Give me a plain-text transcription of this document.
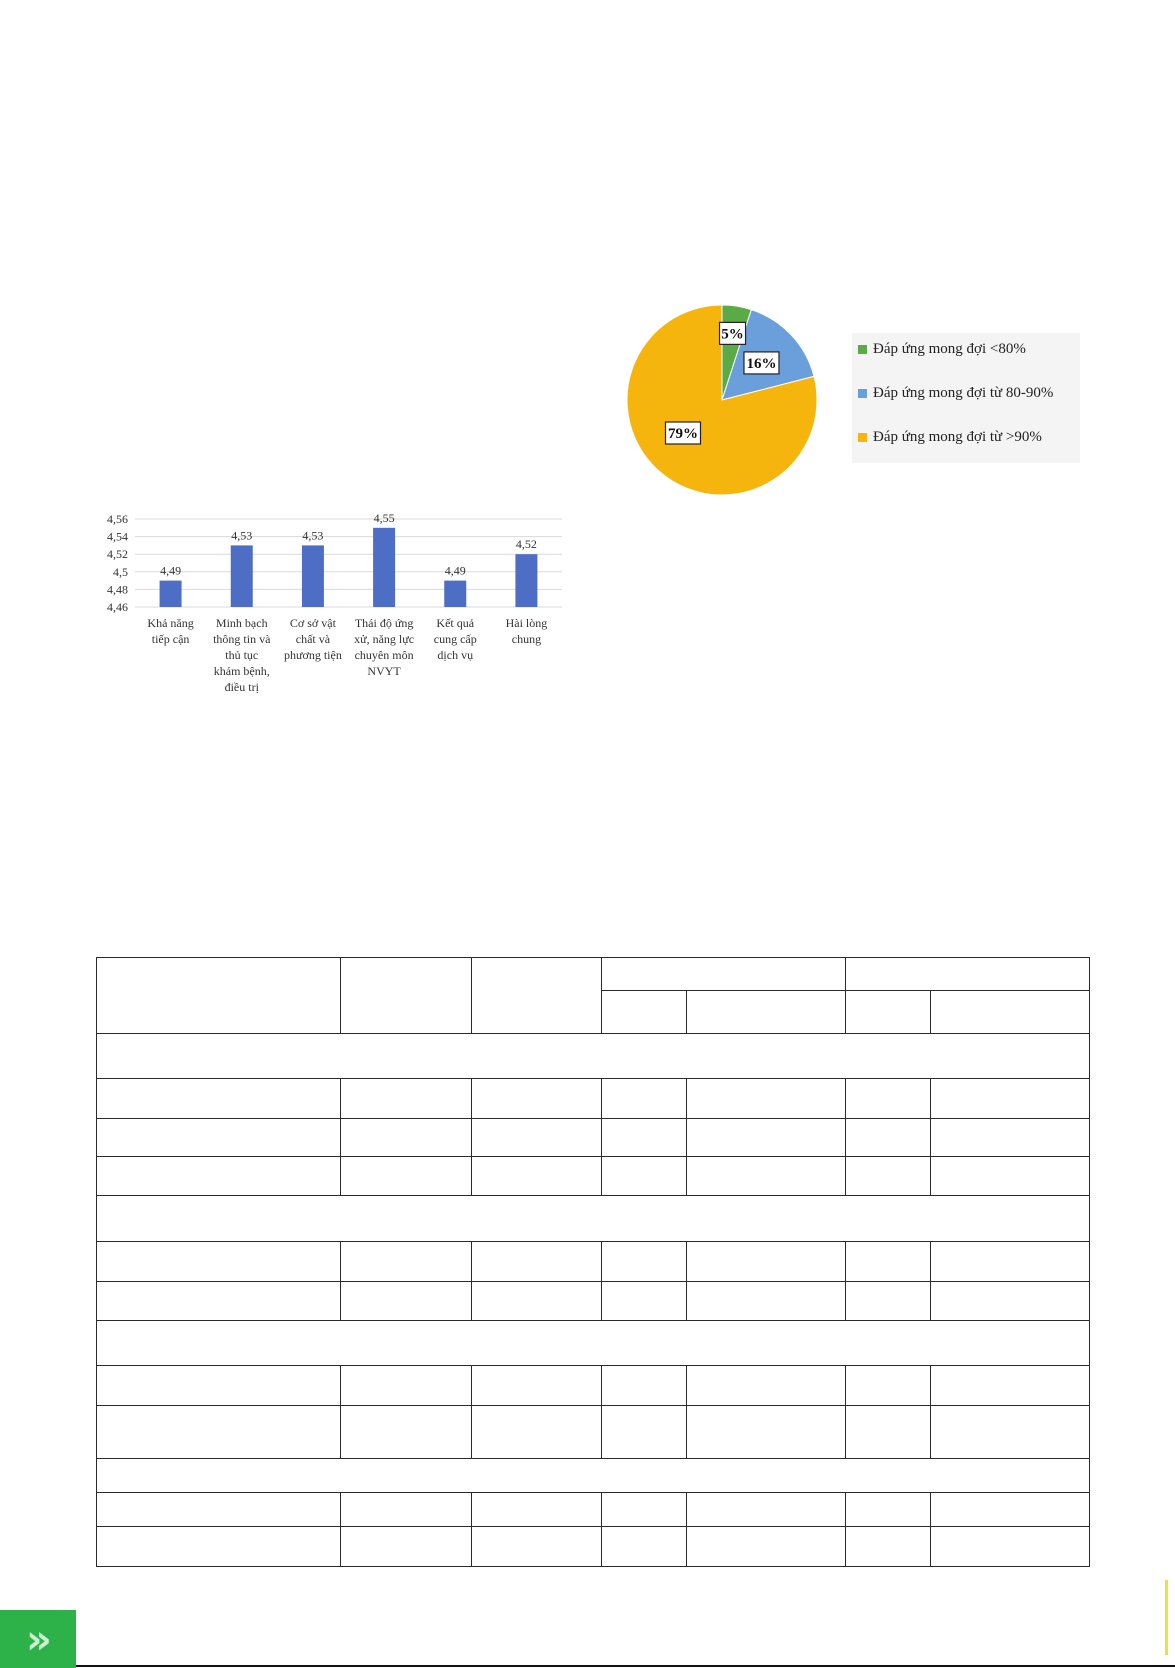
4,46
4,48
4,5
4,52
4,54
4,56
4,49
4,53	4,53
4,55
4,49
4,52
Khả năng tiếp cận
Minh bạch thông tin và thủ tục khám bệnh, điều trị
Cơ sở vật chất và phương tiện
Thái độ ứng xử, năng lực chuyên môn NVYT
Kết quả cung cấp dịch vụ
Hài lòng chung
5%
16%
79%
Đáp ứng mong đợi <80%
Đáp ứng mong đợi từ 80-90%
Đáp ứng mong đợi từ >90%

»
